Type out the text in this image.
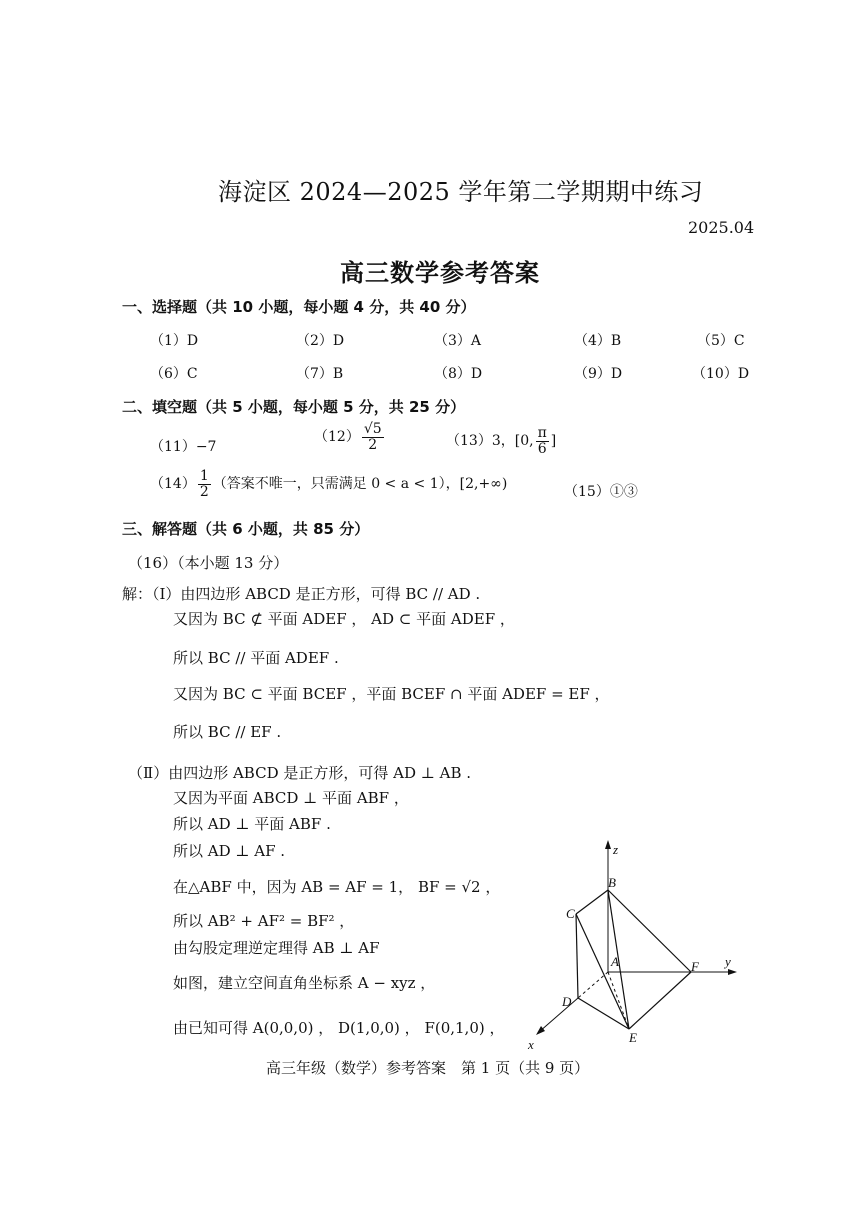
海淀区 2024—2025 学年第二学期期中练习
2025.04
高三数学参考答案
一、选择题（共 10 小题，每小题 4 分，共 40 分）
（1）D	（2）D	（3）A	（4）B	（5）C
（6）C	（7）B	（8）D	（9）D	（10）D
二、填空题（共 5 小题，每小题 5 分，共 25 分）
（11）−7
$(12) \frac{√5}{2}$	（13）3，[0, $\frac{\pi}{6}$ ]
$(14) \frac{1}{2}$ （答案不唯一，只需满足 0 < a < 1），[2,+∞)	（15）①③
三、解答题（共 6 小题，共 85 分）
（16）（本小题 13 分）
解：（Ⅰ）由四边形 ABCD 是正方形，可得 BC // AD .
又因为 BC ⊄ 平面 ADEF ， AD ⊂ 平面 ADEF ，
所以 BC // 平面 ADEF .
又因为 BC ⊂ 平面 BCEF ，平面 BCEF ∩ 平面 ADEF = EF ，
所以 BC // EF .
（Ⅱ）由四边形 ABCD 是正方形，可得 AD ⊥ AB .
又因为平面 ABCD ⊥ 平面 ABF ，
所以 AD ⊥ 平面 ABF .
所以 AD ⊥ AF .
在△ABF 中，因为 AB = AF = 1， BF = √2 ，
所以 AB² + AF² = BF² ，
由勾股定理逆定理得 AB ⊥ AF
如图，建立空间直角坐标系 A − xyz ，
由已知可得 A(0,0,0) ， D(1,0,0) ， F(0,1,0) ，
z
B
C
A	F y
D
E
x
高三年级（数学）参考答案　第 1 页（共 9 页）
